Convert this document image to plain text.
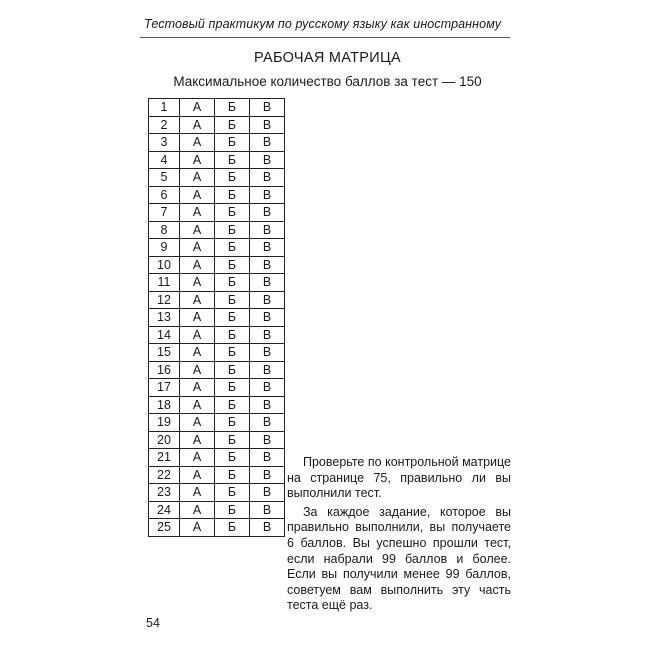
Тестовый практикум по русскому языку как иностранному
РАБОЧАЯ МАТРИЦА
Максимальное количество баллов за тест — 150
1	А	Б	В
2	А	Б	В
3	А	Б	В
4	А	Б	В
5	А	Б	В
6	А	Б	В
7	А	Б	В
8	А	Б	В
9	А	Б	В
10	А	Б	В
11	А	Б	В
12	А	Б	В
13	А	Б	В
14	А	Б	В
15	А	Б	В
16	А	Б	В
17	А	Б	В
18	А	Б	В
19	А	Б	В
20	А	Б	В
21	А	Б	В
22	А	Б	В
23	А	Б	В
24	А	Б	В
25	А	Б	В

Проверьте по контрольной матрице на странице 75, правильно ли вы выполнили тест.

За каждое задание, которое вы правильно выполнили, вы получаете 6 баллов. Вы успешно прошли тест, если набрали 99 баллов и более. Если вы получили менее 99 баллов, советуем вам выполнить эту часть теста ещё раз.

54
